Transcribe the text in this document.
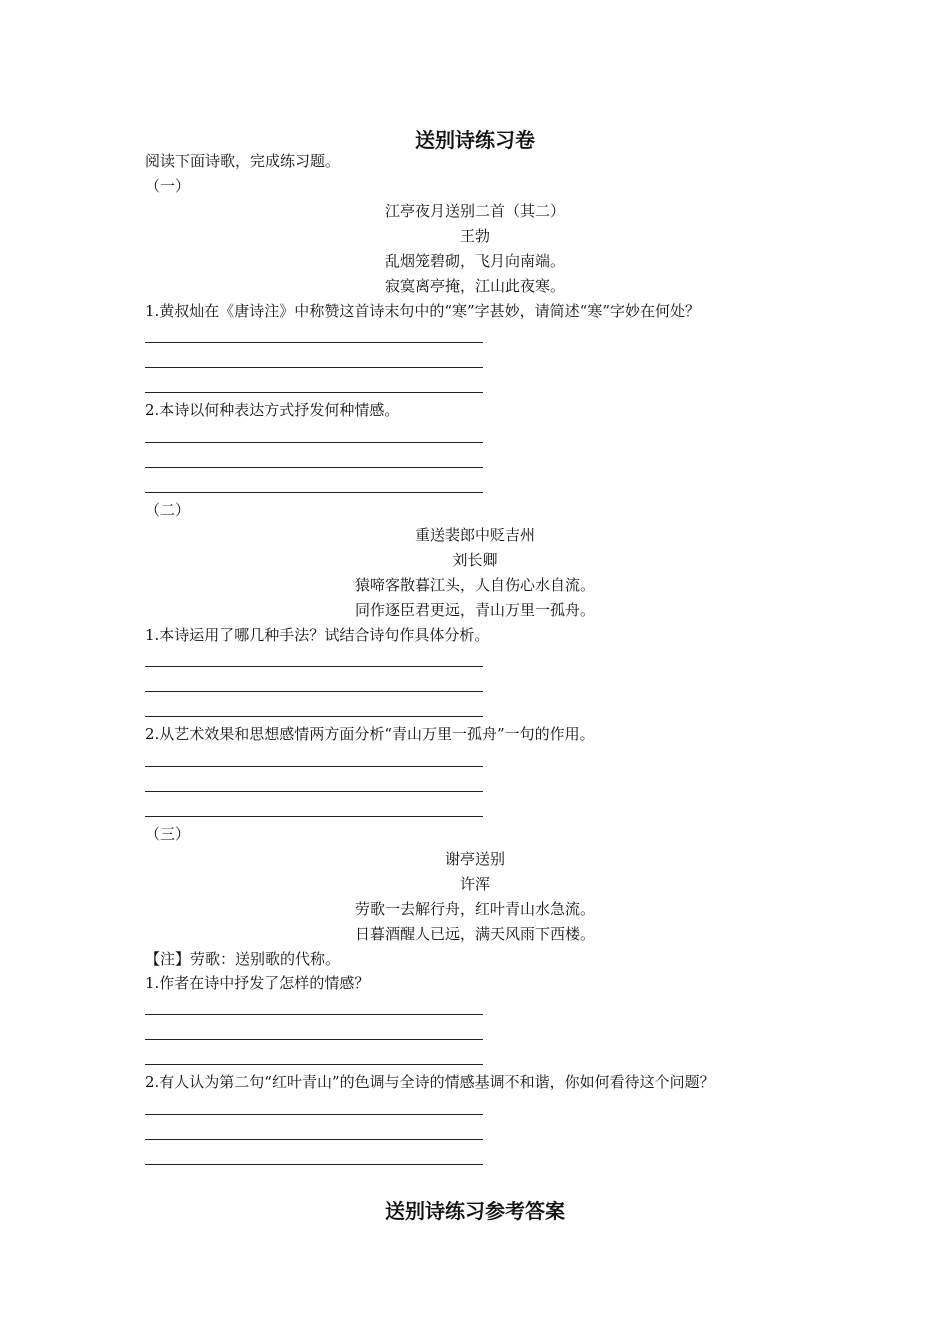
送别诗练习卷
阅读下面诗歌，完成练习题。
（一）
江亭夜月送别二首（其二）
王勃
乱烟笼碧砌，飞月向南端。
寂寞离亭掩，江山此夜寒。
1.黄叔灿在《唐诗注》中称赞这首诗末句中的“寒”字甚妙，请简述“寒”字妙在何处？
2.本诗以何种表达方式抒发何种情感。
（二）
重送裴郎中贬吉州
刘长卿
猿啼客散暮江头，人自伤心水自流。
同作逐臣君更远，青山万里一孤舟。
1.本诗运用了哪几种手法？试结合诗句作具体分析。
2.从艺术效果和思想感情两方面分析“青山万里一孤舟”一句的作用。
（三）
谢亭送别
许浑
劳歌一去解行舟，红叶青山水急流。
日暮酒醒人已远，满天风雨下西楼。
【注】劳歌：送别歌的代称。
1.作者在诗中抒发了怎样的情感？
2.有人认为第二句“红叶青山”的色调与全诗的情感基调不和谐，你如何看待这个问题？
送别诗练习参考答案
